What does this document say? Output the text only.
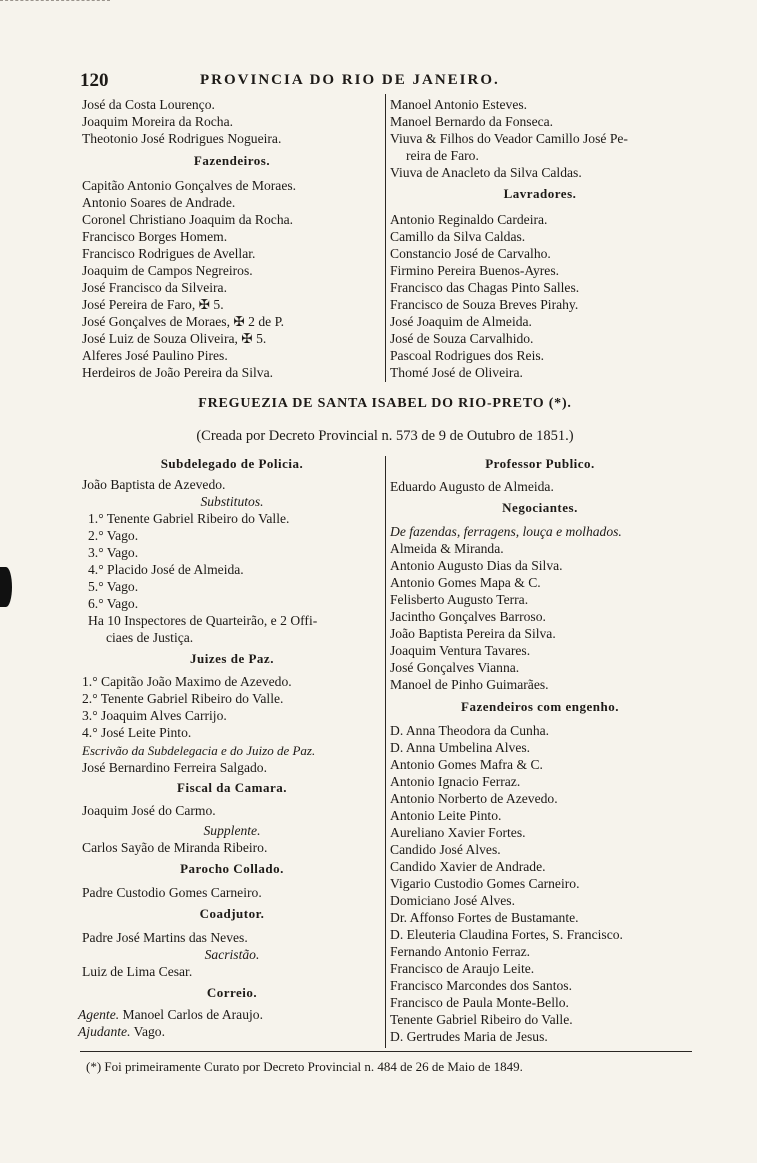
120	PROVINCIA DO RIO DE JANEIRO.
José da Costa Lourenço.
Joaquim Moreira da Rocha.
Theotonio José Rodrigues Nogueira.
Fazendeiros.
Capitão Antonio Gonçalves de Moraes.
Antonio Soares de Andrade.
Coronel Christiano Joaquim da Rocha.
Francisco Borges Homem.
Francisco Rodrigues de Avellar.
Joaquim de Campos Negreiros.
José Francisco da Silveira.
José Pereira de Faro, ✠ 5.
José Gonçalves de Moraes, ✠ 2 de P.
José Luiz de Souza Oliveira, ✠ 5.
Alferes José Paulino Pires.
Herdeiros de João Pereira da Silva.
Manoel Antonio Esteves.
Manoel Bernardo da Fonseca.
Viuva & Filhos do Veador Camillo José Pe-
reira de Faro.
Viuva de Anacleto da Silva Caldas.
Lavradores.
Antonio Reginaldo Cardeira.
Camillo da Silva Caldas.
Constancio José de Carvalho.
Firmino Pereira Buenos-Ayres.
Francisco das Chagas Pinto Salles.
Francisco de Souza Breves Pirahy.
José Joaquim de Almeida.
José de Souza Carvalhido.
Pascoal Rodrigues dos Reis.
Thomé José de Oliveira.
FREGUEZIA DE SANTA ISABEL DO RIO-PRETO (*).
(Creada por Decreto Provincial n. 573 de 9 de Outubro de 1851.)
Subdelegado de Policia.
João Baptista de Azevedo.
Substitutos.
1.° Tenente Gabriel Ribeiro do Valle.
2.° Vago.
3.° Vago.
4.° Placido José de Almeida.
5.° Vago.
6.° Vago.
Ha 10 Inspectores de Quarteirão, e 2 Offi-
ciaes de Justiça.
Juizes de Paz.
1.° Capitão João Maximo de Azevedo.
2.° Tenente Gabriel Ribeiro do Valle.
3.° Joaquim Alves Carrijo.
4.° José Leite Pinto.
Escrivão da Subdelegacia e do Juizo de Paz.
José Bernardino Ferreira Salgado.
Fiscal da Camara.
Joaquim José do Carmo.
Supplente.
Carlos Sayão de Miranda Ribeiro.
Parocho Collado.
Padre Custodio Gomes Carneiro.
Coadjutor.
Padre José Martins das Neves.
Sacristão.
Luiz de Lima Cesar.
Correio.
Agente. Manoel Carlos de Araujo.
Ajudante. Vago.
Professor Publico.
Eduardo Augusto de Almeida.
Negociantes.
De fazendas, ferragens, louça e molhados.
Almeida & Miranda.
Antonio Augusto Dias da Silva.
Antonio Gomes Mapa & C.
Felisberto Augusto Terra.
Jacintho Gonçalves Barroso.
João Baptista Pereira da Silva.
Joaquim Ventura Tavares.
José Gonçalves Vianna.
Manoel de Pinho Guimarães.
Fazendeiros com engenho.
D. Anna Theodora da Cunha.
D. Anna Umbelina Alves.
Antonio Gomes Mafra & C.
Antonio Ignacio Ferraz.
Antonio Norberto de Azevedo.
Antonio Leite Pinto.
Aureliano Xavier Fortes.
Candido José Alves.
Candido Xavier de Andrade.
Vigario Custodio Gomes Carneiro.
Domiciano José Alves.
Dr. Affonso Fortes de Bustamante.
D. Eleuteria Claudina Fortes, S. Francisco.
Fernando Antonio Ferraz.
Francisco de Araujo Leite.
Francisco Marcondes dos Santos.
Francisco de Paula Monte-Bello.
Tenente Gabriel Ribeiro do Valle.
D. Gertrudes Maria de Jesus.
(*) Foi primeiramente Curato por Decreto Provincial n. 484 de 26 de Maio de 1849.
